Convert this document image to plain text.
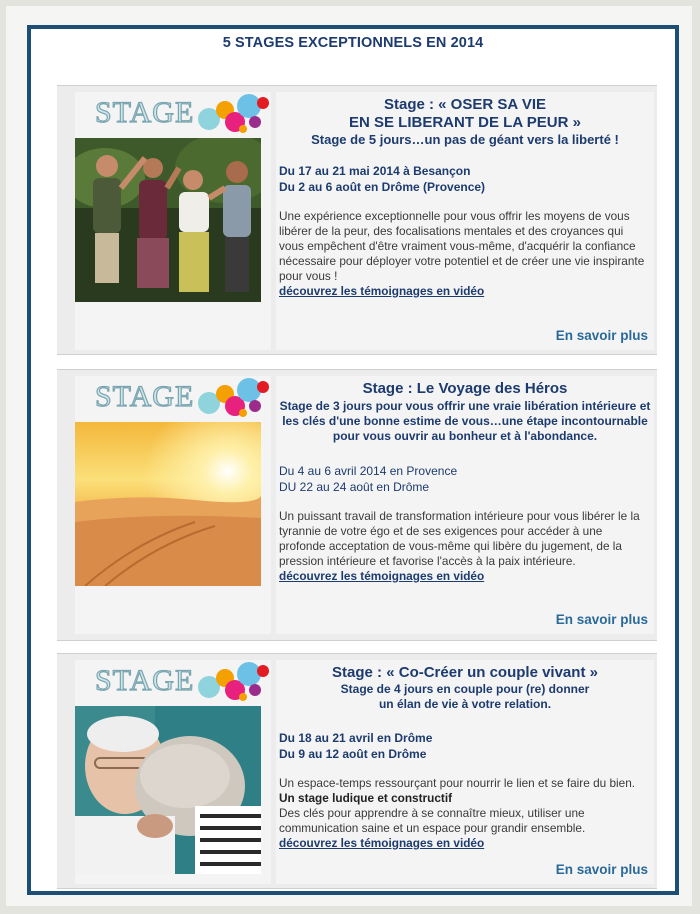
5 STAGES EXCEPTIONNELS EN 2014
STAGE	Stage : « OSER SA VIE
EN SE LIBERANT DE LA PEUR »
Stage de 5 jours…un pas de géant vers la liberté !
Du 17 au 21 mai 2014 à Besançon
Du 2 au 6 août en Drôme (Provence)
Une expérience exceptionnelle pour vous offrir les moyens de vous libérer de la peur, des focalisations mentales et des croyances qui vous empêchent d'être vraiment vous-même, d'acquérir la confiance nécessaire pour déployer votre potentiel et de créer une vie inspirante pour vous !
découvrez les témoignages en vidéo
En savoir plus
STAGE	Stage : Le Voyage des Héros
Stage de 3 jours pour vous offrir une vraie libération intérieure et
les clés d'une bonne estime de vous…une étape incontournable
pour vous ouvrir au bonheur et à l'abondance.
Du 4 au 6 avril 2014 en Provence
DU 22 au 24 août en Drôme
Un puissant travail de transformation intérieure pour vous libérer le la tyrannie de votre égo et de ses exigences pour accéder à une profonde acceptation de vous-même qui libère du jugement, de la pression intérieure et favorise l'accès à la paix intérieure.
découvrez les témoignages en vidéo
En savoir plus
STAGE	Stage : « Co-Créer un couple vivant »
Stage de 4 jours en couple pour (re) donner
un élan de vie à votre relation.
Du 18 au 21 avril en Drôme
Du 9 au 12 août en Drôme
Un espace-temps ressourçant pour nourrir le lien et se faire du bien.
Un stage ludique et constructif
Des clés pour apprendre à se connaître mieux, utiliser une communication saine et un espace pour grandir ensemble.
découvrez les témoignages en vidéo
En savoir plus
